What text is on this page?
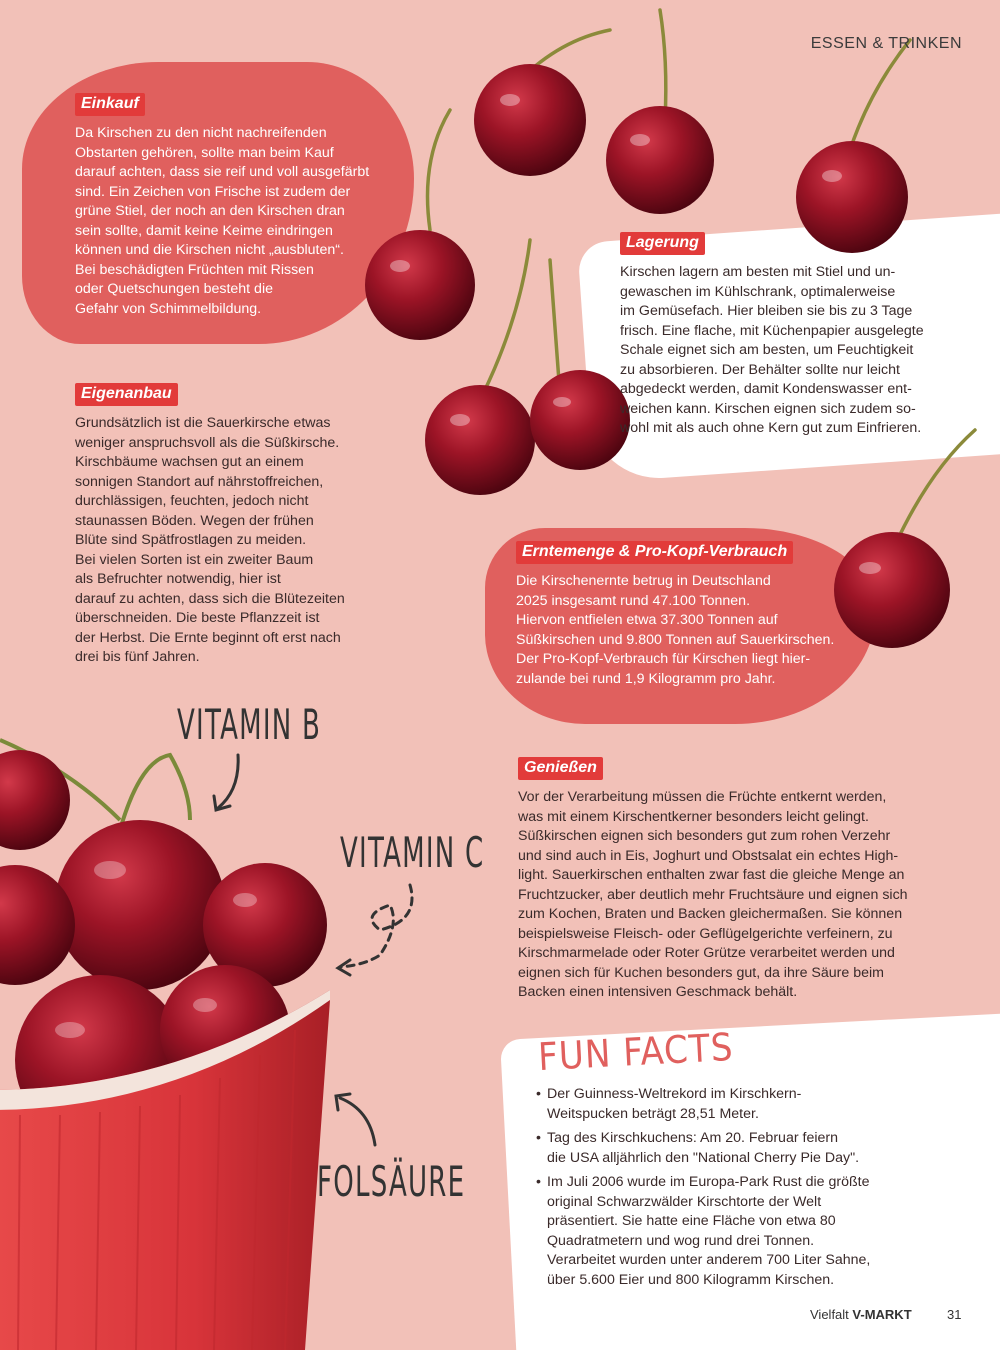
ESSEN & TRINKEN
Einkauf

Da Kirschen zu den nicht nachreifenden
Obstarten gehören, sollte man beim Kauf
darauf achten, dass sie reif und voll ausgefärbt
sind. Ein Zeichen von Frische ist zudem der
grüne Stiel, der noch an den Kirschen dran
sein sollte, damit keine Keime eindringen
können und die Kirschen nicht „ausbluten“.
Bei beschädigten Früchten mit Rissen
oder Quetschungen besteht die
Gefahr von Schimmelbildung.

Lagerung

Kirschen lagern am besten mit Stiel und un-
gewaschen im Kühlschrank, optimalerweise
im Gemüsefach. Hier bleiben sie bis zu 3 Tage
frisch. Eine flache, mit Küchenpapier ausgelegte
Schale eignet sich am besten, um Feuchtigkeit
zu absorbieren. Der Behälter sollte nur leicht
abgedeckt werden, damit Kondenswasser ent-
weichen kann. Kirschen eignen sich zudem so-
wohl mit als auch ohne Kern gut zum Einfrieren.

Eigenanbau

Grundsätzlich ist die Sauerkirsche etwas
weniger anspruchsvoll als die Süßkirsche.
Kirschbäume wachsen gut an einem
sonnigen Standort auf nährstoffreichen,
durchlässigen, feuchten, jedoch nicht
staunassen Böden. Wegen der frühen
Blüte sind Spätfrostlagen zu meiden.
Bei vielen Sorten ist ein zweiter Baum
als Befruchter notwendig, hier ist
darauf zu achten, dass sich die Blütezeiten
überschneiden. Die beste Pflanzzeit ist
der Herbst. Die Ernte beginnt oft erst nach
drei bis fünf Jahren.

Erntemenge & Pro-Kopf-Verbrauch

Die Kirschenernte betrug in Deutschland
2025 insgesamt rund 47.100 Tonnen.
Hiervon entfielen etwa 37.300 Tonnen auf
Süßkirschen und 9.800 Tonnen auf Sauerkirschen.
Der Pro-Kopf-Verbrauch für Kirschen liegt hier-
zulande bei rund 1,9 Kilogramm pro Jahr.

Genießen

Vor der Verarbeitung müssen die Früchte entkernt werden,
was mit einem Kirschentkerner besonders leicht gelingt.
Süßkirschen eignen sich besonders gut zum rohen Verzehr
und sind auch in Eis, Joghurt und Obstsalat ein echtes High-
light. Sauerkirschen enthalten zwar fast die gleiche Menge an
Fruchtzucker, aber deutlich mehr Fruchtsäure und eignen sich
zum Kochen, Braten und Backen gleichermaßen. Sie können
beispielsweise Fleisch- oder Geflügelgerichte verfeinern, zu
Kirschmarmelade oder Roter Grütze verarbeitet werden und
eignen sich für Kuchen besonders gut, da ihre Säure beim
Backen einen intensiven Geschmack behält.

VITAMIN B
VITAMIN C
FOLSÄURE
FUN FACTS
• Der Guinness-Weltrekord im Kirschkern-
Weitspucken beträgt 28,51 Meter.
• Tag des Kirschkuchens: Am 20. Februar feiern
die USA alljährlich den "National Cherry Pie Day".
• Im Juli 2006 wurde im Europa-Park Rust die größte
original Schwarzwälder Kirschtorte der Welt
präsentiert. Sie hatte eine Fläche von etwa 80
Quadratmetern und wog rund drei Tonnen.
Verarbeitet wurden unter anderem 700 Liter Sahne,
über 5.600 Eier und 800 Kilogramm Kirschen.
Vielfalt V-MARKT	31
